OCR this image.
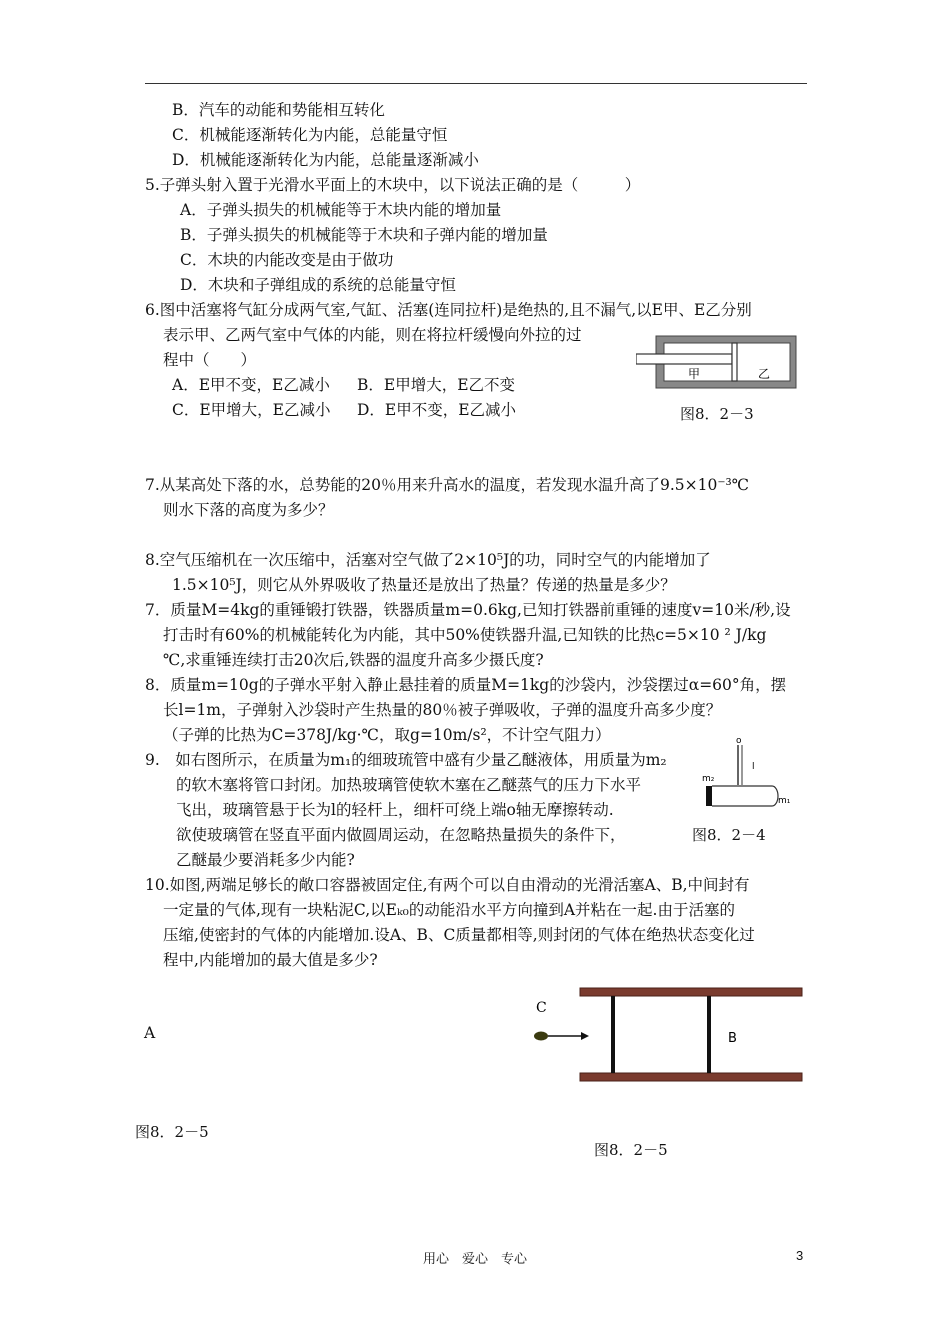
B．汽车的动能和势能相互转化
C．机械能逐渐转化为内能，总能量守恒
D．机械能逐渐转化为内能，总能量逐渐减小
5.子弹头射入置于光滑水平面上的木块中，以下说法正确的是（　　　）
A．子弹头损失的机械能等于木块内能的增加量
B．子弹头损失的机械能等于木块和子弹内能的增加量
C．木块的内能改变是由于做功
D．木块和子弹组成的系统的总能量守恒
6.图中活塞将气缸分成两气室,气缸、活塞(连同拉杆)是绝热的,且不漏气,以E甲、E乙分别
表示甲、乙两气室中气体的内能，则在将拉杆缓慢向外拉的过
程中（　　）
A．E甲不变，E乙减小 B．E甲增大，E乙不变
C．E甲增大，E乙减小 D．E甲不变，E乙减小
甲	乙
图8．2－3
7.从某高处下落的水，总势能的20％用来升高水的温度，若发现水温升高了9.5×10⁻³℃
则水下落的高度为多少？
8.空气压缩机在一次压缩中，活塞对空气做了2×10⁵J的功，同时空气的内能增加了
1.5×10⁵J，则它从外界吸收了热量还是放出了热量？传递的热量是多少？
7．质量M=4kg的重锤锻打铁器，铁器质量m=0.6kg,已知打铁器前重锤的速度v=10米/秒,设
打击时有60%的机械能转化为内能，其中50%使铁器升温,已知铁的比热c=5×10 ² J/kg
℃,求重锤连续打击20次后,铁器的温度升高多少摄氏度?
8．质量m=10g的子弹水平射入静止悬挂着的质量M=1kg的沙袋内，沙袋摆过α=60°角，摆
长l=1m，子弹射入沙袋时产生热量的80％被子弹吸收，子弹的温度升高多少度？
（子弹的比热为C=378J/kg·℃，取g=10m/s²，不计空气阻力）
9.　如右图所示，在质量为m₁的细玻琉管中盛有少量乙醚液体，用质量为m₂
的软木塞将管口封闭。加热玻璃管使软木塞在乙醚蒸气的压力下水平
飞出，玻璃管悬于长为l的轻杆上，细杆可绕上端o轴无摩擦转动.
欲使玻璃管在竖直平面内做圆周运动，在忽略热量损失的条件下，
乙醚最少要消耗多少内能?
o
l
m₂
m₁
图8．2－4
10.如图,两端足够长的敞口容器被固定住,有两个可以自由滑动的光滑活塞A、B,中间封有
一定量的气体,现有一块粘泥C,以Eₖ₀的动能沿水平方向撞到A并粘在一起.由于活塞的
压缩,使密封的气体的内能增加.设A、B、C质量都相等,则封闭的气体在绝热状态变化过
程中,内能增加的最大值是多少?
A
C
B
图8．2－5
图8．2－5
用心　爱心　专心	3
